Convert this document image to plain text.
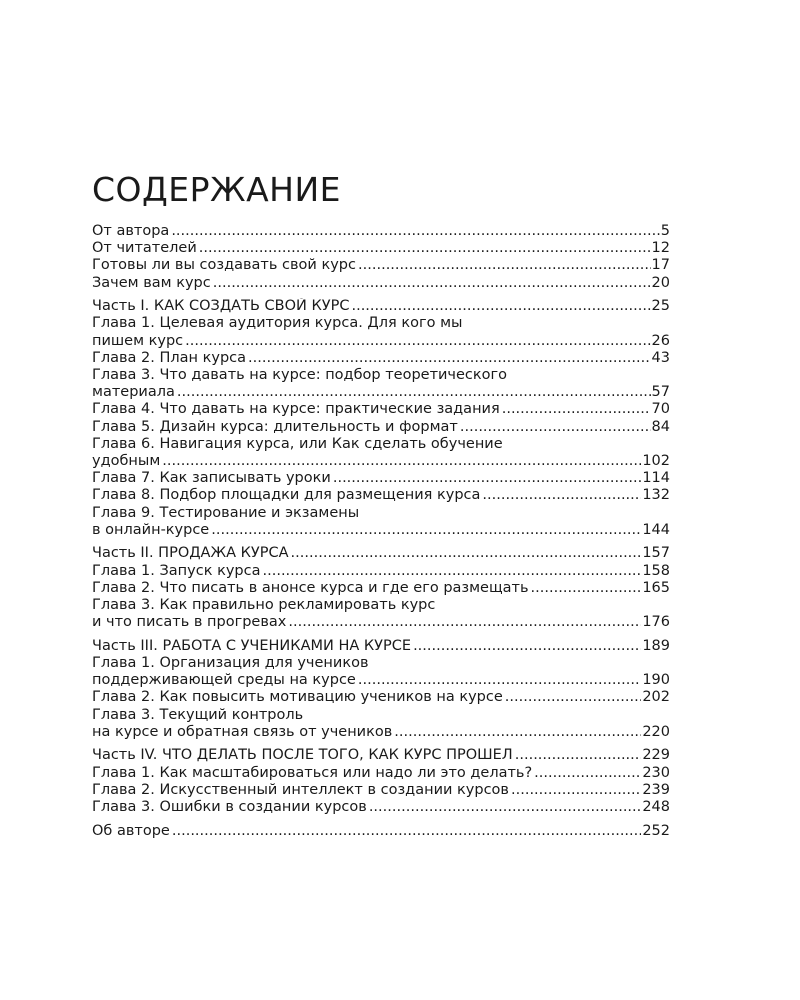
СОДЕРЖАНИЕ
От автора . . .	5
От читателей . . .	12
Готовы ли вы создавать свой курс . . .	17
Зачем вам курс . . .	20
Часть I. КАК СОЗДАТЬ СВОЙ КУРС . . .	25
Глава 1. Целевая аудитория курса. Для кого мы
пишем курс . . .	26
Глава 2. План курса . . .	43
Глава 3. Что давать на курсе: подбор теоретического
материала . . .	57
Глава 4. Что давать на курсе: практические задания . . .	70
Глава 5. Дизайн курса: длительность и формат . . .	84
Глава 6. Навигация курса, или Как сделать обучение
удобным . . .	102
Глава 7. Как записывать уроки . . .	114
Глава 8. Подбор площадки для размещения курса . . .	132
Глава 9. Тестирование и экзамены
в онлайн-курсе . . .	144
Часть II. ПРОДАЖА КУРСА . . .	157
Глава 1. Запуск курса . . .	158
Глава 2. Что писать в анонсе курса и где его размещать . . .	165
Глава 3. Как правильно рекламировать курс
и что писать в прогревах . . .	176
Часть III. РАБОТА С УЧЕНИКАМИ НА КУРСЕ . . .	189
Глава 1. Организация для учеников
поддерживающей среды на курсе . . .	190
Глава 2. Как повысить мотивацию учеников на курсе . . .	202
Глава 3. Текущий контроль
на курсе и обратная связь от учеников . . .	220
Часть IV. ЧТО ДЕЛАТЬ ПОСЛЕ ТОГО, КАК КУРС ПРОШЕЛ . . .	229
Глава 1. Как масштабироваться или надо ли это делать? . . .	230
Глава 2. Искусственный интеллект в создании курсов . . .	239
Глава 3. Ошибки в создании курсов . . .	248
Об авторе . . .	252
